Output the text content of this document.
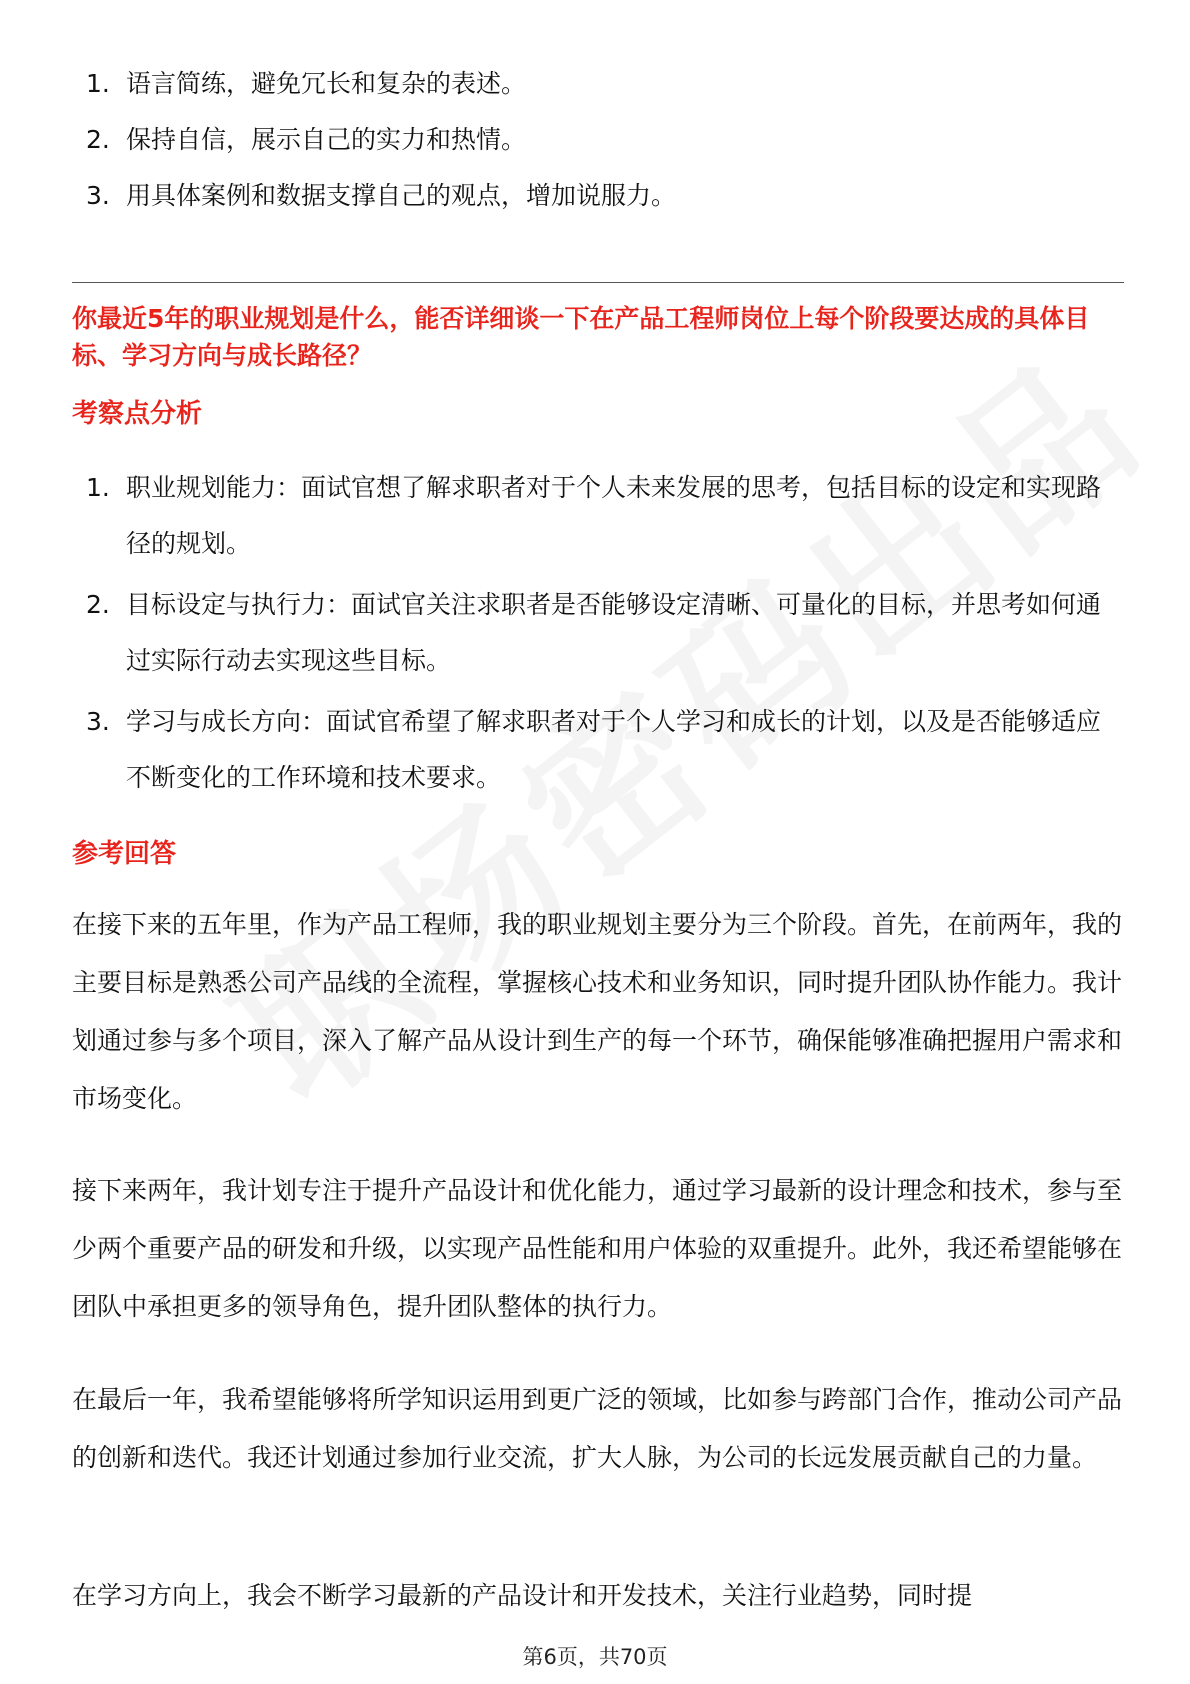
1. 语言简练，避免冗长和复杂的表述。
2. 保持自信，展示自己的实力和热情。
3. 用具体案例和数据支撑自己的观点，增加说服力。
你最近5年的职业规划是什么，能否详细谈一下在产品工程师岗位上每个阶段要达成的具体目标、学习方向与成长路径？
考察点分析
1. 职业规划能力：面试官想了解求职者对于个人未来发展的思考，包括目标的设定和实现路径的规划。
2. 目标设定与执行力：面试官关注求职者是否能够设定清晰、可量化的目标，并思考如何通过实际行动去实现这些目标。
3. 学习与成长方向：面试官希望了解求职者对于个人学习和成长的计划，以及是否能够适应不断变化的工作环境和技术要求。
参考回答

在接下来的五年里，作为产品工程师，我的职业规划主要分为三个阶段。首先，在前两年，我的主要目标是熟悉公司产品线的全流程，掌握核心技术和业务知识，同时提升团队协作能力。我计划通过参与多个项目，深入了解产品从设计到生产的每一个环节，确保能够准确把握用户需求和市场变化。

接下来两年，我计划专注于提升产品设计和优化能力，通过学习最新的设计理念和技术，参与至少两个重要产品的研发和升级，以实现产品性能和用户体验的双重提升。此外，我还希望能够在团队中承担更多的领导角色，提升团队整体的执行力。

在最后一年，我希望能够将所学知识运用到更广泛的领域，比如参与跨部门合作，推动公司产品的创新和迭代。我还计划通过参加行业交流，扩大人脉，为公司的长远发展贡献自己的力量。

在学习方向上，我会不断学习最新的产品设计和开发技术，关注行业趋势，同时提

第6页，共70页
